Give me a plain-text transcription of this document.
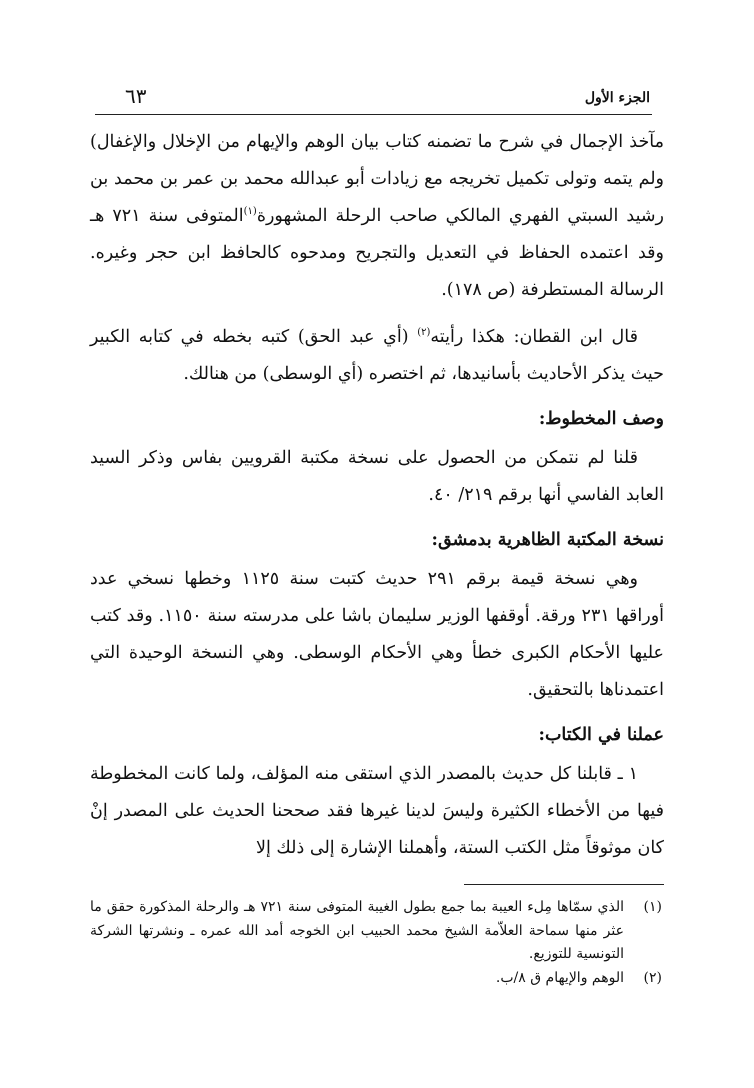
الجزء الأول
٦٣

مآخذ الإجمال في شرح ما تضمنه كتاب بيان الوهم والإيهام من الإخلال والإغفال) ولم يتمه وتولى تكميل تخريجه مع زيادات أبو عبدالله محمد بن عمر بن محمد بن رشيد السبتي الفهري المالكي صاحب الرحلة المشهورة$^{(١)}$المتوفى سنة ٧٢١ هـ وقد اعتمده الحفاظ في التعديل والتجريح ومدحوه كالحافظ ابن حجر وغيره. الرسالة المستطرفة (ص ١٧٨).

قال ابن القطان: هكذا رأيته$^{(٢)}$ (أي عبد الحق) كتبه بخطه في كتابه الكبير حيث يذكر الأحاديث بأسانيدها، ثم اختصره (أي الوسطى) من هنالك.

وصف المخطوط:

قلنا لم نتمكن من الحصول على نسخة مكتبة القرويين بفاس وذكر السيد العابد الفاسي أنها برقم ٢١٩/ ٤٠.

نسخة المكتبة الظاهرية بدمشق:

وهي نسخة قيمة برقم ٢٩١ حديث كتبت سنة ١١٢٥ وخطها نسخي عدد أوراقها ٢٣١ ورقة. أوقفها الوزير سليمان باشا على مدرسته سنة ١١٥٠. وقد كتب عليها الأحكام الكبرى خطأ وهي الأحكام الوسطى. وهي النسخة الوحيدة التي اعتمدناها بالتحقيق.

عملنا في الكتاب:

١ ـ قابلنا كل حديث بالمصدر الذي استقى منه المؤلف، ولما كانت المخطوطة فيها من الأخطاء الكثيرة وليسَ لدينا غيرها فقد صححنا الحديث على المصدر إنْ كان موثوقاً مثل الكتب الستة، وأهملنا الإشارة إلى ذلك إلا

(١)
الذي سمّاها مِلء العيبة بما جمع بطول الغيبة المتوفى سنة ٧٢١ هـ والرحلة المذكورة حقق ما عثر منها سماحة العلاّمة الشيخ محمد الحبيب ابن الخوجه أمد الله عمره ـ ونشرتها الشركة التونسية للتوزيع.
(٢)
الوهم والإيهام ق ٨/ب.
